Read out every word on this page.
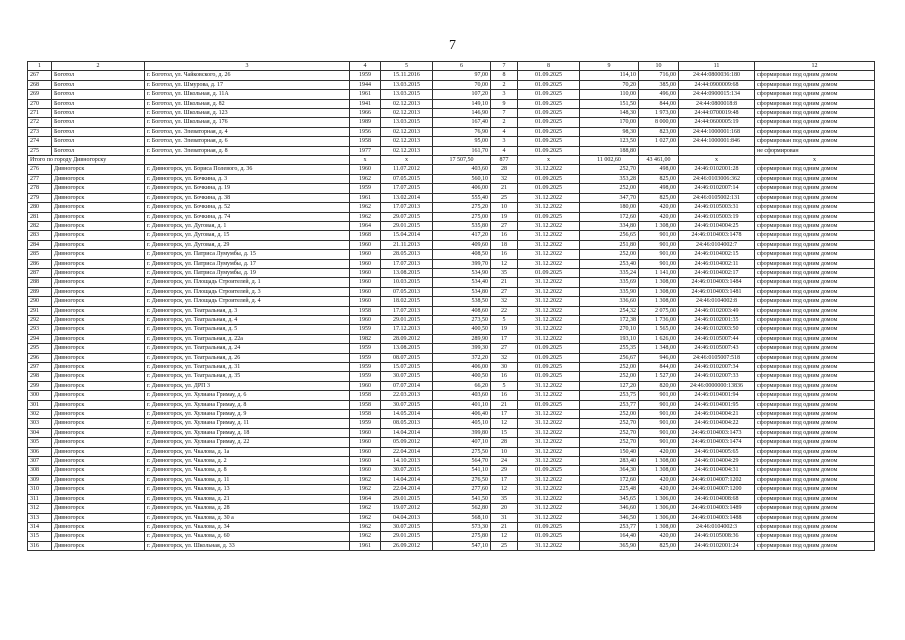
7
1	2	3	4	5	6	7	8	9	10	11	12
267	Боготол	г. Боготол, ул. Чайковского, д. 26	1959	15.11.2016	97,00	8	01.09.2025	114,10	716,00	24:44:0800036:180	сформирован под одним домом
268	Боготол	г. Боготол, ул. Шмурова, д. 17	1944	13.03.2015	70,00	2	01.09.2025	70,20	385,00	24:44:0900009:68	сформирован под одним домом
269	Боготол	г. Боготол, ул. Школьная, д. 11А	1961	13.03.2015	107,20	3	01.09.2025	110,00	496,00	24:44:0900015:134	сформирован под одним домом
270	Боготол	г. Боготол, ул. Школьная, д. 82	1941	02.12.2013	149,10	9	01.09.2025	151,50	844,00	24:44:0800018:8	сформирован под одним домом
271	Боготол	г. Боготол, ул. Школьная, д. 123	1966	02.12.2013	146,90	7	01.09.2025	148,30	1 973,00	24:44:0700019:48	сформирован под одним домом
272	Боготол	г. Боготол, ул. Школьная, д. 176	1989	13.03.2015	167,40	2	01.09.2025	170,00	8 000,00	24:44:0600005:19	сформирован под одним домом
273	Боготол	г. Боготол, ул. Элеваторная, д. 4	1956	02.12.2013	76,90	4	01.09.2025	98,30	823,00	24:44:1000001:168	сформирован под одним домом
274	Боготол	г. Боготол, ул. Элеваторная, д. 6	1958	02.12.2013	95,00	3	01.09.2025	123,50	1 027,00	24:44:1000001:846	сформирован под одним домом
275	Боготол	г. Боготол, ул. Элеваторная, д. 8	1977	02.12.2013	161,70	4	01.09.2025	188,80			не сформирован
Итого по городу Дивногорску			x	x	17 507,50	877	x	11 002,60	43 461,00	x	x
276	Дивногорск	г. Дивногорск, ул. Бориса Полевого, д. 36	1960	11.07.2012	403,60	28	31.12.2022	252,70	498,00	24:46:0102001:28	сформирован под одним домом
277	Дивногорск	г. Дивногорск, ул. Бочкина, д. 3	1962	07.05.2015	560,10	32	01.09.2025	353,28	825,00	24:46:0103006:362	сформирован под одним домом
278	Дивногорск	г. Дивногорск, ул. Бочкина, д. 19	1959	17.07.2015	406,00	21	01.09.2025	252,00	498,00	24:46:0102007:14	сформирован под одним домом
279	Дивногорск	г. Дивногорск, ул. Бочкина, д. 38	1961	13.02.2014	555,40	25	31.12.2022	347,70	825,00	24:46:0105002:131	сформирован под одним домом
280	Дивногорск	г. Дивногорск, ул. Бочкина, д. 52	1962	17.07.2013	275,20	10	31.12.2022	180,00	420,00	24:46:0105003:31	сформирован под одним домом
281	Дивногорск	г. Дивногорск, ул. Бочкина, д. 74	1962	29.07.2015	275,00	19	01.09.2025	172,60	420,00	24:46:0105003:19	сформирован под одним домом
282	Дивногорск	г. Дивногорск, ул. Дуговая, д. 1	1964	29.01.2015	535,80	27	31.12.2022	334,80	1 308,00	24:46:0104004:25	сформирован под одним домом
283	Дивногорск	г. Дивногорск, ул. Дуговая, д. 15	1968	15.04.2014	417,20	16	31.12.2022	256,65	901,00	24:46:0104003:1478	сформирован под одним домом
284	Дивногорск	г. Дивногорск, ул. Дуговая, д. 29	1960	21.11.2013	409,60	18	31.12.2022	251,80	901,00	24:46:0104002:7	сформирован под одним домом
285	Дивногорск	г. Дивногорск, ул. Патриса Лумумбы, д. 15	1960	28.05.2013	408,50	16	31.12.2022	252,00	901,00	24:46:0104002:15	сформирован под одним домом
286	Дивногорск	г. Дивногорск, ул. Патриса Лумумбы, д. 17	1960	17.07.2013	399,70	12	31.12.2022	253,40	901,00	24:46:0104002:11	сформирован под одним домом
287	Дивногорск	г. Дивногорск, ул. Патриса Лумумбы, д. 19	1960	13.08.2015	534,90	35	01.09.2025	335,24	1 141,00	24:46:0104002:17	сформирован под одним домом
288	Дивногорск	г. Дивногорск, ул. Площадь Строителей, д. 1	1960	10.03.2015	534,40	21	31.12.2022	335,69	1 308,00	24:46:0104003:1484	сформирован под одним домом
289	Дивногорск	г. Дивногорск, ул. Площадь Строителей, д. 3	1960	07.05.2013	534,80	27	31.12.2022	335,90	1 308,00	24:46:0104003:1481	сформирован под одним домом
290	Дивногорск	г. Дивногорск, ул. Площадь Строителей, д. 4	1960	18.02.2015	538,50	32	31.12.2022	336,60	1 308,00	24:46:0104002:8	сформирован под одним домом
291	Дивногорск	г. Дивногорск, ул. Театральная, д. 3	1958	17.07.2013	408,60	22	31.12.2022	254,32	2 075,00	24:46:0102003:49	сформирован под одним домом
292	Дивногорск	г. Дивногорск, ул. Театральная, д. 4	1960	29.01.2015	273,50	5	31.12.2022	172,38	1 736,00	24:46:0102001:35	сформирован под одним домом
293	Дивногорск	г. Дивногорск, ул. Театральная, д. 5	1959	17.12.2013	400,50	19	31.12.2022	270,10	1 565,00	24:46:0102003:50	сформирован под одним домом
294	Дивногорск	г. Дивногорск, ул. Театральная, д. 22а	1982	28.09.2012	289,90	17	31.12.2022	193,10	1 626,00	24:46:0105007:44	сформирован под одним домом
295	Дивногорск	г. Дивногорск, ул. Театральная, д. 24	1959	13.08.2015	399,30	27	01.09.2025	255,35	1 348,00	24:46:0105007:43	сформирован под одним домом
296	Дивногорск	г. Дивногорск, ул. Театральная, д. 26	1959	08.07.2015	372,20	32	01.09.2025	256,67	946,00	24:46:0105007:518	сформирован под одним домом
297	Дивногорск	г. Дивногорск, ул. Театральная, д. 31	1959	15.07.2015	406,00	30	01.09.2025	252,00	844,00	24:46:0102007:34	сформирован под одним домом
298	Дивногорск	г. Дивногорск, ул. Театральная, д. 35	1959	30.07.2015	400,50	16	01.09.2025	252,00	1 527,00	24:46:0102007:33	сформирован под одним домом
299	Дивногорск	г. Дивногорск, ул. ДРП 3	1960	07.07.2014	66,20	5	31.12.2022	127,20	820,00	24:46:0000000:13836	сформирован под одним домом
300	Дивногорск	г. Дивногорск, ул. Хулиана Гримау, д. 6	1958	22.03.2013	403,60	16	31.12.2022	253,75	901,00	24:46:0104001:94	сформирован под одним домом
301	Дивногорск	г. Дивногорск, ул. Хулиана Гримау, д. 8	1958	30.07.2015	401,10	21	01.09.2025	253,77	901,00	24:46:0104001:95	сформирован под одним домом
302	Дивногорск	г. Дивногорск, ул. Хулиана Гримау, д. 9	1958	14.05.2014	406,40	17	31.12.2022	252,00	901,00	24:46:0104004:21	сформирован под одним домом
303	Дивногорск	г. Дивногорск, ул. Хулиана Гримау, д. 11	1959	08.05.2013	405,10	12	31.12.2022	252,70	901,00	24:46:0104004:22	сформирован под одним домом
304	Дивногорск	г. Дивногорск, ул. Хулиана Гримау, д. 18	1960	14.04.2014	399,80	15	31.12.2022	252,70	901,00	24:46:0104003:1473	сформирован под одним домом
305	Дивногорск	г. Дивногорск, ул. Хулиана Гримау, д. 22	1960	05.09.2012	407,10	28	31.12.2022	252,70	901,00	24:46:0104003:1474	сформирован под одним домом
306	Дивногорск	г. Дивногорск, ул. Чкалова, д. 1а	1960	22.04.2014	275,50	10	31.12.2022	150,40	420,00	24:46:0104005:65	сформирован под одним домом
307	Дивногорск	г. Дивногорск, ул. Чкалова, д. 2	1960	14.10.2013	564,70	24	31.12.2022	283,40	1 308,00	24:46:0104004:29	сформирован под одним домом
308	Дивногорск	г. Дивногорск, ул. Чкалова, д. 8	1960	30.07.2015	541,10	29	01.09.2025	364,30	1 308,00	24:46:0104004:31	сформирован под одним домом
309	Дивногорск	г. Дивногорск, ул. Чкалова, д. 11	1962	14.04.2014	276,50	17	31.12.2022	172,60	420,00	24:46:0104007:1202	сформирован под одним домом
310	Дивногорск	г. Дивногорск, ул. Чкалова, д. 13	1962	22.04.2014	277,60	12	31.12.2022	225,48	420,00	24:46:0104007:1200	сформирован под одним домом
311	Дивногорск	г. Дивногорск, ул. Чкалова, д. 21	1964	29.01.2015	541,50	35	31.12.2022	345,65	1 306,00	24:46:0104008:68	сформирован под одним домом
312	Дивногорск	г. Дивногорск, ул. Чкалова, д. 28	1962	19.07.2012	562,80	20	31.12.2022	346,60	1 306,00	24:46:0104003:1489	сформирован под одним домом
313	Дивногорск	г. Дивногорск, ул. Чкалова, д. 30 а	1962	04.04.2013	568,10	31	31.12.2022	346,50	1 306,00	24:46:0104003:1488	сформирован под одним домом
314	Дивногорск	г. Дивногорск, ул. Чкалова, д. 34	1962	30.07.2015	573,30	21	01.09.2025	253,77	1 308,00	24:46:0104002:3	сформирован под одним домом
315	Дивногорск	г. Дивногорск, ул. Чкалова, д. 60	1962	29.01.2015	275,80	12	01.09.2025	164,40	420,00	24:46:0105008:36	сформирован под одним домом
316	Дивногорск	г. Дивногорск, ул. Школьная, д. 33	1961	26.09.2012	547,10	25	31.12.2022	365,90	825,00	24:46:0102001:24	сформирован под одним домом
